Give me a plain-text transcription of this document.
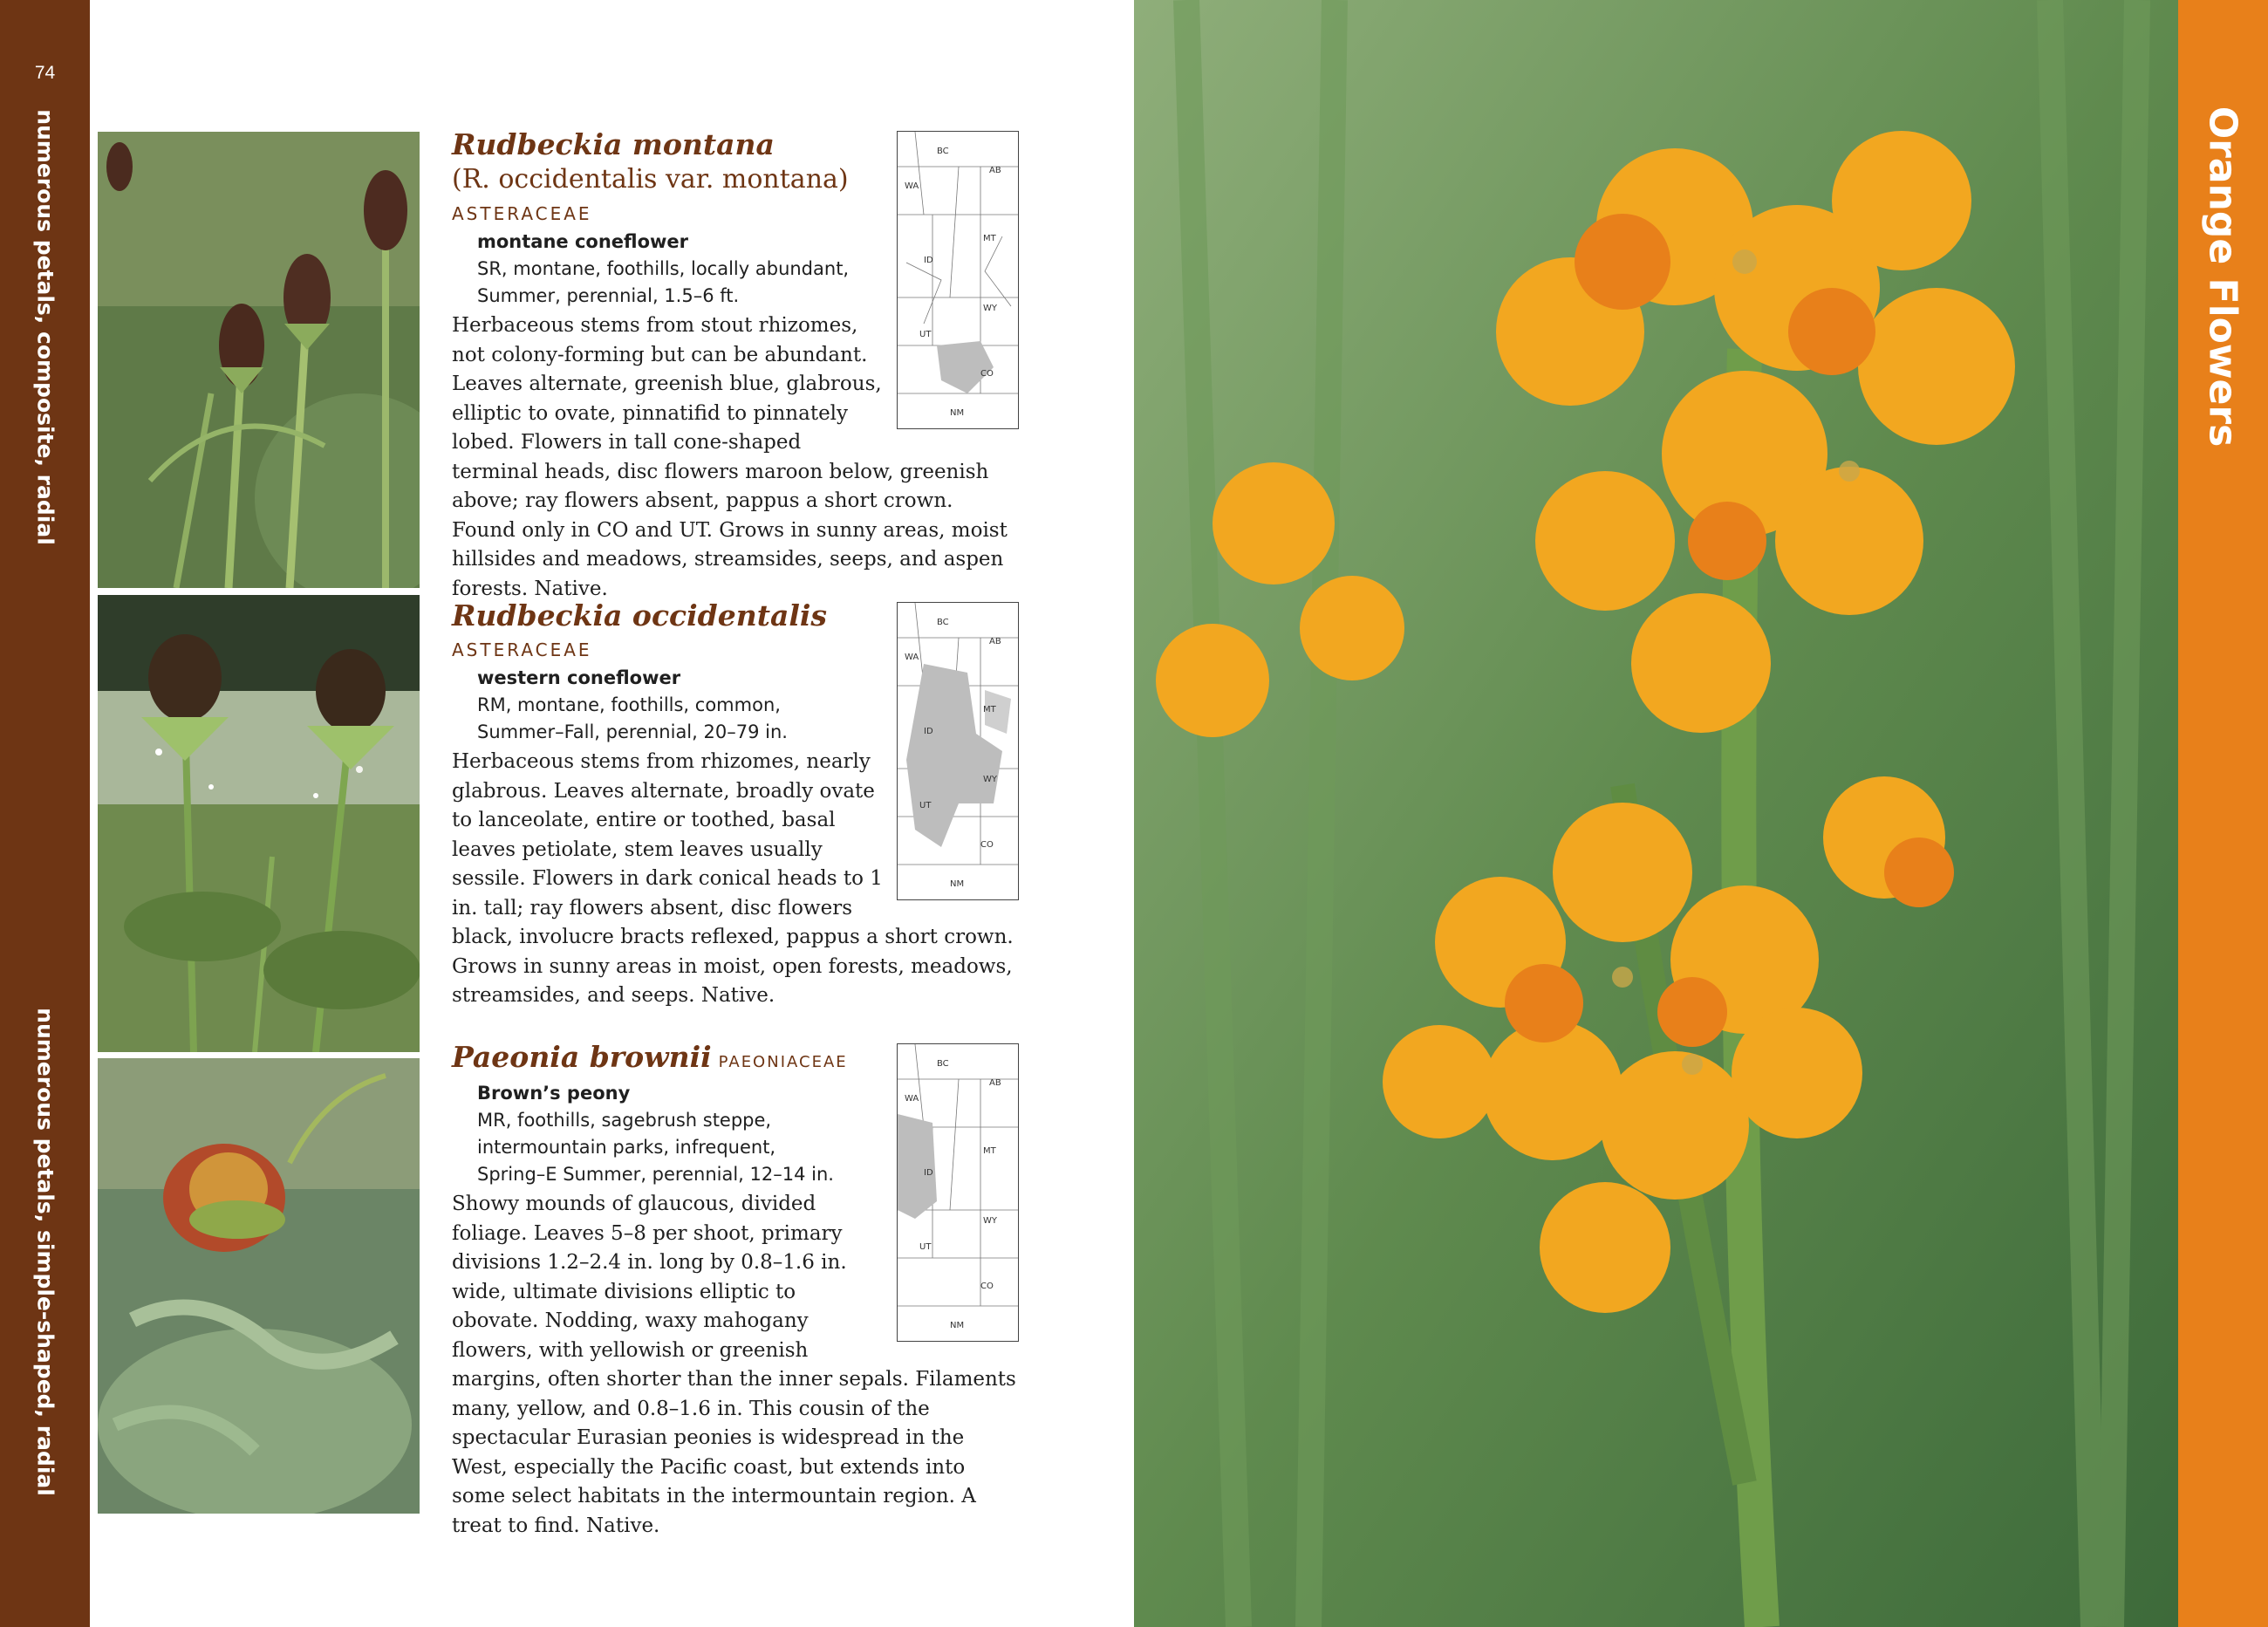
74
numerous petals, composite, radial
numerous petals, simple-shaped, radial
BC
AB
WA
MT
ID
WY
UT
CO
NM
Rudbeckia montana
(R. occidentalis var. montana)
ASTERACEAE
montane coneflower
SR, montane, foothills, locally abundant,
Summer, perennial, 1.5–6 ft.
Herbaceous stems from stout rhizomes, not colony-forming but can be abundant. Leaves alternate, greenish blue, glabrous, elliptic to ovate, pinnatifid to pinnately lobed. Flowers in tall cone-shaped terminal heads, disc flowers maroon below, greenish above; ray flowers absent, pappus a short crown. Found only in CO and UT. Grows in sunny areas, moist hillsides and meadows, streamsides, seeps, and aspen forests. Native.
BC
AB
WA
MT
ID
WY
UT
CO
NM
Rudbeckia occidentalis
ASTERACEAE
western coneflower
RM, montane, foothills, common,
Summer–Fall, perennial, 20–79 in.
Herbaceous stems from rhizomes, nearly glabrous. Leaves alternate, broadly ovate to lanceolate, entire or toothed, basal leaves petiolate, stem leaves usually sessile. Flowers in dark conical heads to 1 in. tall; ray flowers absent, disc flowers black, involucre bracts reflexed, pappus a short crown. Grows in sunny areas in moist, open forests, meadows, streamsides, and seeps. Native.
BC
AB
WA
MT
ID
WY
UT
CO
NM
Paeonia brownii PAEONIACEAE
Brown’s peony
MR, foothills, sagebrush steppe,
intermountain parks, infrequent,
Spring–E Summer, perennial, 12–14 in.
Showy mounds of glaucous, divided foliage. Leaves 5–8 per shoot, primary divisions 1.2–2.4 in. long by 0.8–1.6 in. wide, ultimate divisions elliptic to obovate. Nodding, waxy mahogany flowers, with yellowish or greenish margins, often shorter than the inner sepals. Filaments many, yellow, and 0.8–1.6 in. This cousin of the spectacular Eurasian peonies is widespread in the West, especially the Pacific coast, but extends into some select habitats in the intermountain region. A treat to find. Native.
Orange Flowers
